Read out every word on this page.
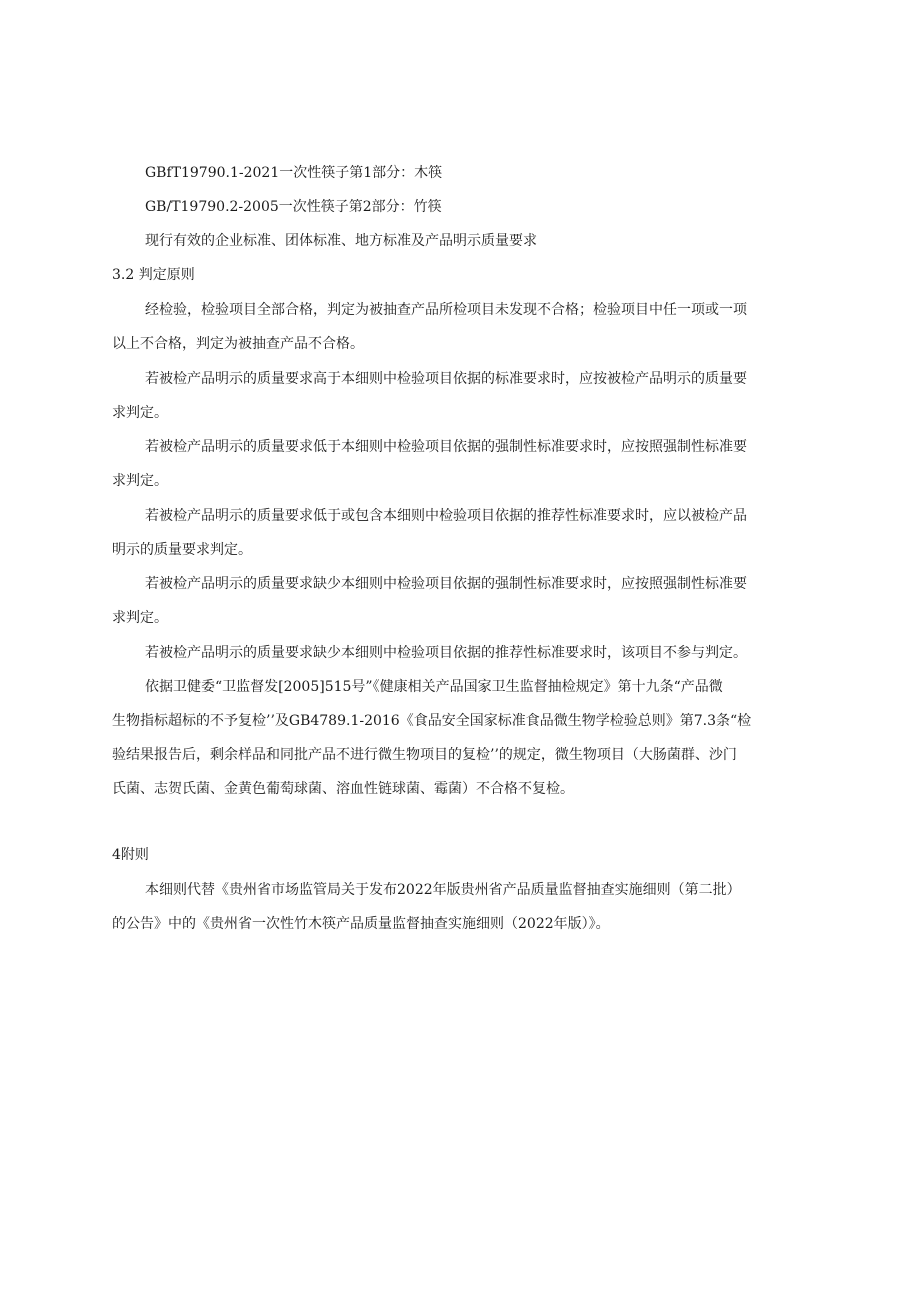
GBfT19790.1-2021一次性筷子第1部分：木筷
GB/T19790.2-2005一次性筷子第2部分：竹筷
现行有效的企业标准、团体标准、地方标准及产品明示质量要求
3.2 判定原则
经检验，检验项目全部合格，判定为被抽查产品所检项目未发现不合格；检验项目中任一项或一项
以上不合格，判定为被抽查产品不合格。
若被检产品明示的质量要求高于本细则中检验项目依据的标准要求时，应按被检产品明示的质量要
求判定。
若被检产品明示的质量要求低于本细则中检验项目依据的强制性标准要求时，应按照强制性标准要
求判定。
若被检产品明示的质量要求低于或包含本细则中检验项目依据的推荐性标准要求时，应以被检产品
明示的质量要求判定。
若被检产品明示的质量要求缺少本细则中检验项目依据的强制性标准要求时，应按照强制性标准要
求判定。
若被检产品明示的质量要求缺少本细则中检验项目依据的推荐性标准要求时，该项目不参与判定。
依据卫健委“卫监督发[2005]515号”《健康相关产品国家卫生监督抽检规定》第十九条“产品微
生物指标超标的不予复检’’及GB4789.1-2016《食品安全国家标准食品微生物学检验总则》第7.3条“检
验结果报告后，剩余样品和同批产品不进行微生物项目的复检’’的规定，微生物项目（大肠菌群、沙门
氏菌、志贺氏菌、金黄色葡萄球菌、溶血性链球菌、霉菌）不合格不复检。
4附则
本细则代替《贵州省市场监管局关于发布2022年版贵州省产品质量监督抽查实施细则（第二批）
的公告》中的《贵州省一次性竹木筷产品质量监督抽查实施细则（2022年版）》。
